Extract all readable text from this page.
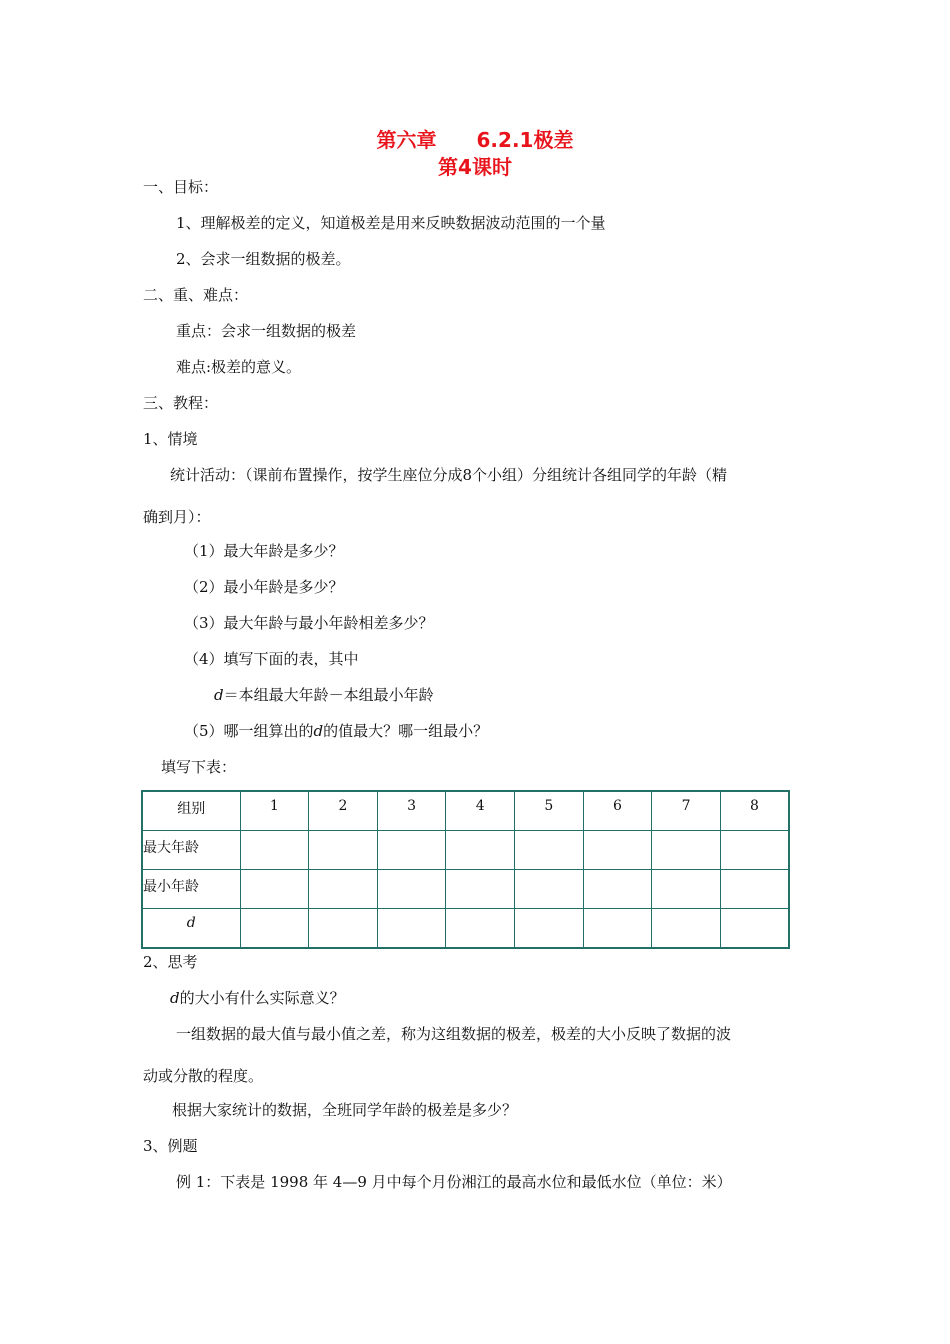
第六章 6.2.1极差
第4课时
一、目标：
1、理解极差的定义，知道极差是用来反映数据波动范围的一个量
2、会求一组数据的极差。
二、重、难点：
重点：会求一组数据的极差
难点:极差的意义。
三、教程：
1、情境
统计活动：（课前布置操作，按学生座位分成8个小组）分组统计各组同学的年龄（精
确到月）：
（1）最大年龄是多少？
（2）最小年龄是多少？
（3）最大年龄与最小年龄相差多少？
（4）填写下面的表，其中
d＝本组最大年龄－本组最小年龄
（5）哪一组算出的d的值最大？哪一组最小？
填写下表：
组别	1	2	3	4	5	6	7	8
最大年龄								
最小年龄								
d								
2、思考
d的大小有什么实际意义？
一组数据的最大值与最小值之差，称为这组数据的极差，极差的大小反映了数据的波
动或分散的程度。
根据大家统计的数据，全班同学年龄的极差是多少？
3、例题
例 1：下表是 1998 年 4—9 月中每个月份湘江的最高水位和最低水位（单位：米）
